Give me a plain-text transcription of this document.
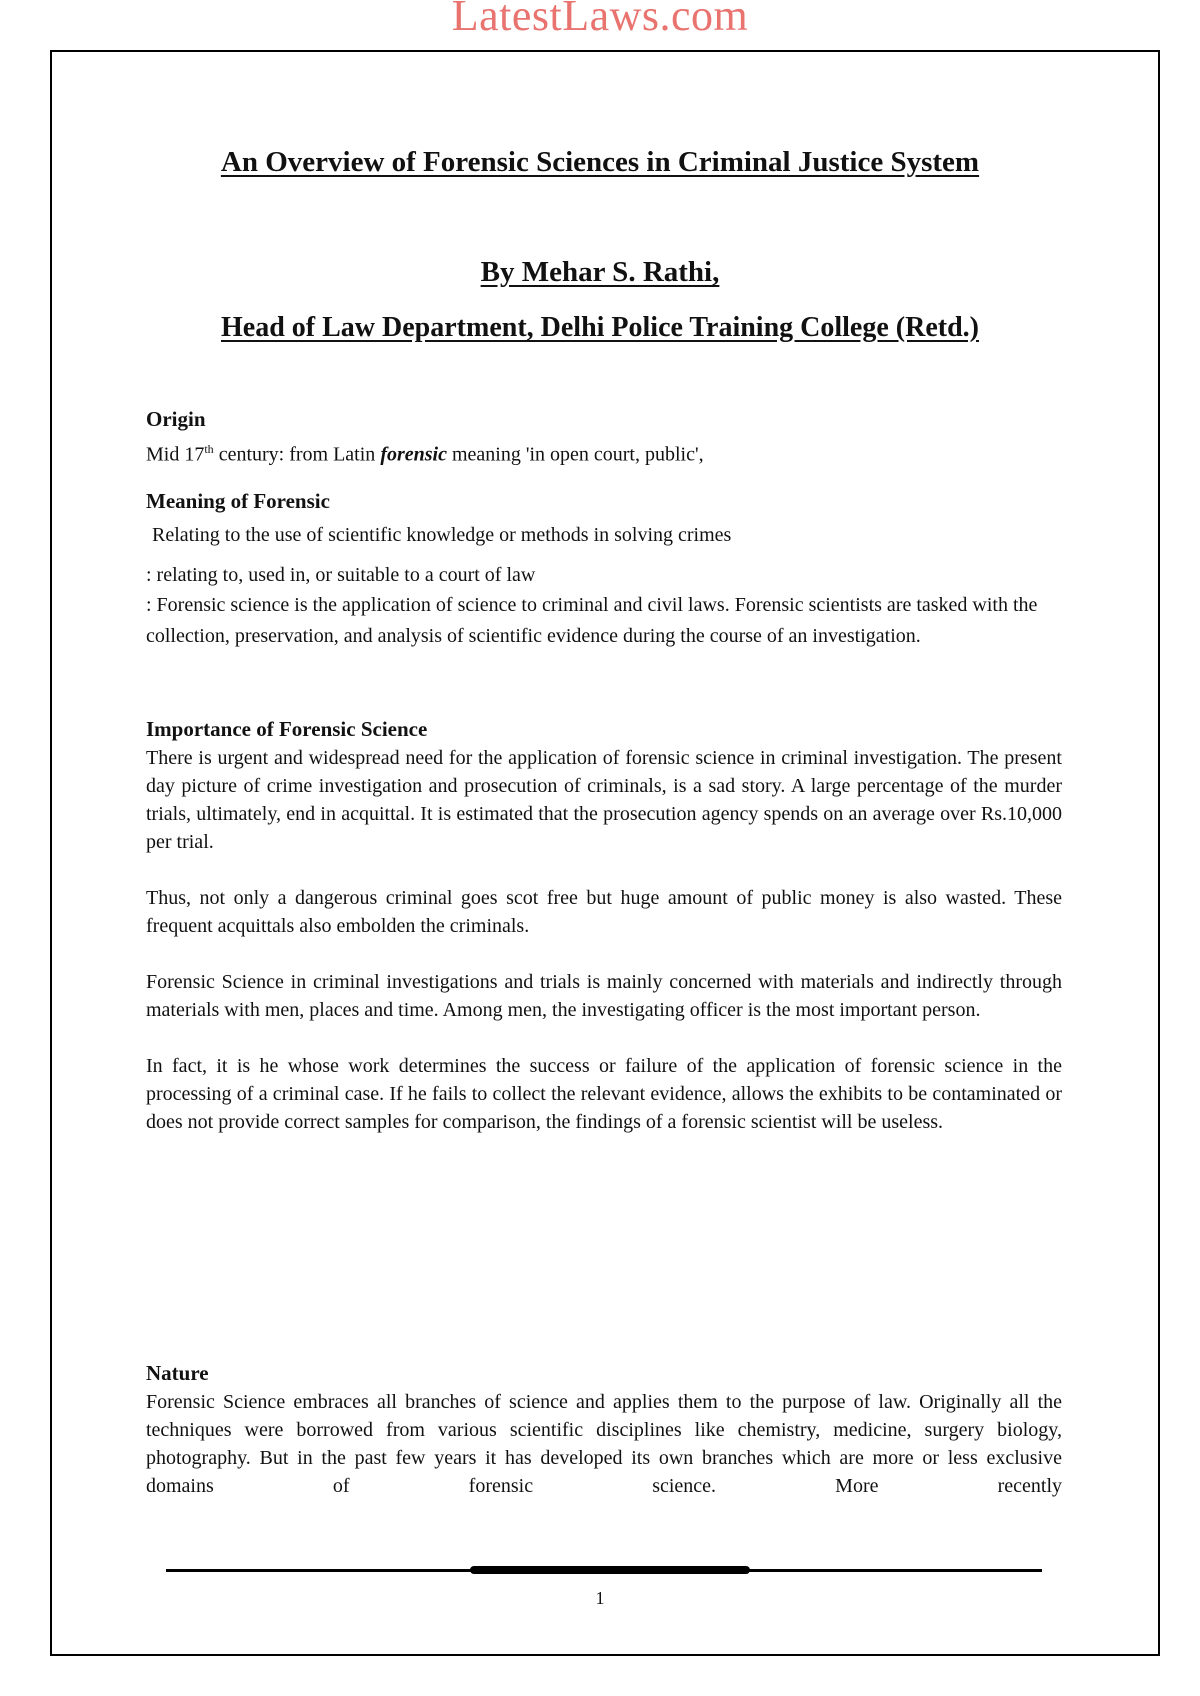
LatestLaws.com
An Overview of Forensic Sciences in Criminal Justice System
By Mehar S. Rathi,
Head of Law Department, Delhi Police Training College (Retd.)
Origin

Mid 17th century: from Latin forensic meaning 'in open court, public',

Meaning of Forensic

Relating to the use of scientific knowledge or methods in solving crimes

: relating to, used in, or suitable to a court of law

: Forensic science is the application of science to criminal and civil laws. Forensic scientists are tasked with the collection, preservation, and analysis of scientific evidence during the course of an investigation.

Importance of Forensic Science

There is urgent and widespread need for the application of forensic science in criminal investigation. The present day picture of crime investigation and prosecution of criminals, is a sad story. A large percentage of the murder trials, ultimately, end in acquittal. It is estimated that the prosecution agency spends on an average over Rs.10,000 per trial.

Thus, not only a dangerous criminal goes scot free but huge amount of public money is also wasted. These frequent acquittals also embolden the criminals.

Forensic Science in criminal investigations and trials is mainly concerned with materials and indirectly through materials with men, places and time. Among men, the investigating officer is the most important person.

In fact, it is he whose work determines the success or failure of the application of forensic science in the processing of a criminal case. If he fails to collect the relevant evidence, allows the exhibits to be contaminated or does not provide correct samples for comparison, the findings of a forensic scientist will be useless.

Nature

Forensic Science embraces all branches of science and applies them to the purpose of law. Originally all the techniques were borrowed from various scientific disciplines like chemistry, medicine, surgery biology, photography. But in the past few years it has developed its own branches which are more or less exclusive domains of forensic science. More recently

1
